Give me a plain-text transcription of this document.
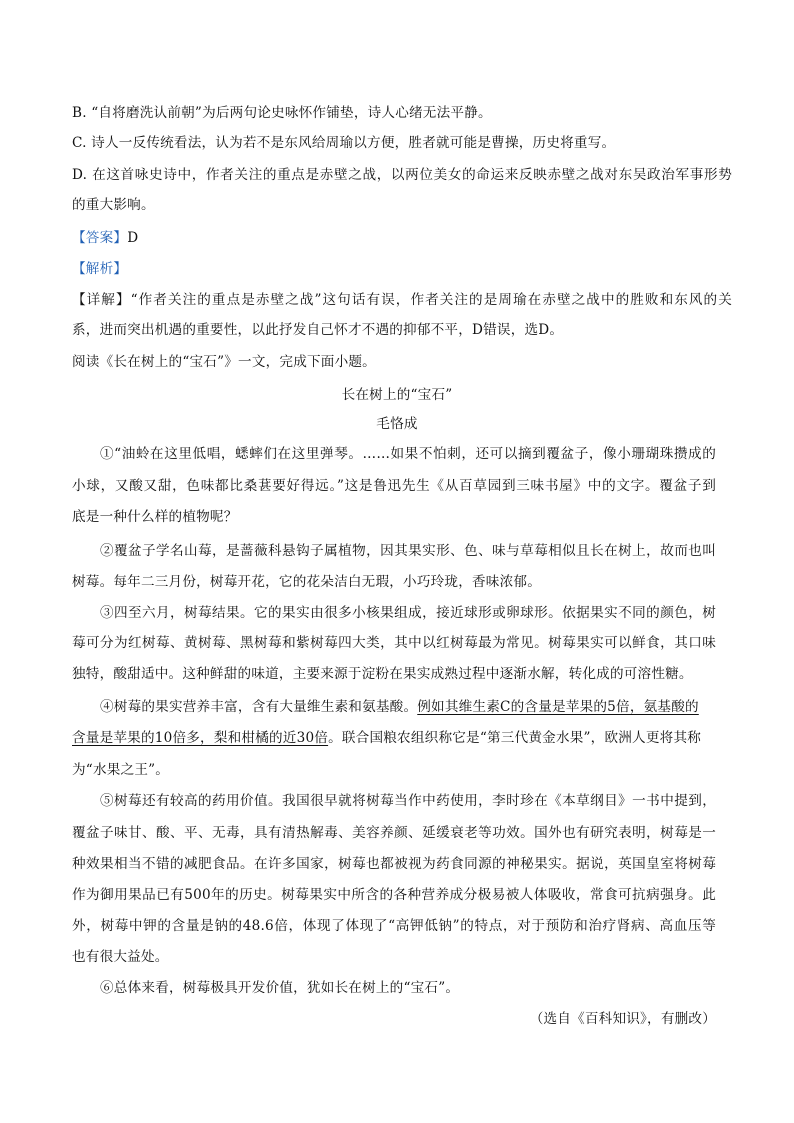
B. “自将磨洗认前朝”为后两句论史咏怀作铺垫，诗人心绪无法平静。
C. 诗人一反传统看法，认为若不是东风给周瑜以方便，胜者就可能是曹操，历史将重写。
D. 在这首咏史诗中，作者关注的重点是赤壁之战，以两位美女的命运来反映赤壁之战对东吴政治军事形势
的重大影响。
【答案】D
【解析】
【详解】“作者关注的重点是赤壁之战”这句话有误，作者关注的是周瑜在赤壁之战中的胜败和东风的关
系，进而突出机遇的重要性，以此抒发自己怀才不遇的抑郁不平，D错误，选D。
阅读《长在树上的“宝石”》一文，完成下面小题。
长在树上的“宝石”
毛恪成
①“油蛉在这里低唱，蟋蟀们在这里弹琴。……如果不怕刺，还可以摘到覆盆子，像小珊瑚珠攒成的
小球，又酸又甜，色味都比桑葚要好得远。”这是鲁迅先生《从百草园到三味书屋》中的文字。覆盆子到
底是一种什么样的植物呢？
②覆盆子学名山莓，是蔷薇科悬钩子属植物，因其果实形、色、味与草莓相似且长在树上，故而也叫
树莓。每年二三月份，树莓开花，它的花朵洁白无瑕，小巧玲珑，香味浓郁。
③四至六月，树莓结果。它的果实由很多小核果组成，接近球形或卵球形。依据果实不同的颜色，树
莓可分为红树莓、黄树莓、黑树莓和紫树莓四大类，其中以红树莓最为常见。树莓果实可以鲜食，其口味
独特，酸甜适中。这种鲜甜的味道，主要来源于淀粉在果实成熟过程中逐渐水解，转化成的可溶性糖。
④树莓的果实营养丰富，含有大量维生素和氨基酸。例如其维生素C的含量是苹果的5倍，氨基酸的
含量是苹果的10倍多，梨和柑橘的近30倍。联合国粮农组织称它是“第三代黄金水果”，欧洲人更将其称
为“水果之王”。
⑤树莓还有较高的药用价值。我国很早就将树莓当作中药使用，李时珍在《本草纲目》一书中提到，
覆盆子味甘、酸、平、无毒，具有清热解毒、美容养颜、延缓衰老等功效。国外也有研究表明，树莓是一
种效果相当不错的减肥食品。在许多国家，树莓也都被视为药食同源的神秘果实。据说，英国皇室将树莓
作为御用果品已有500年的历史。树莓果实中所含的各种营养成分极易被人体吸收，常食可抗病强身。此
外，树莓中钾的含量是钠的48.6倍，体现了体现了“高钾低钠”的特点，对于预防和治疗肾病、高血压等
也有很大益处。
⑥总体来看，树莓极具开发价值，犹如长在树上的“宝石”。
（选自《百科知识》，有删改）
